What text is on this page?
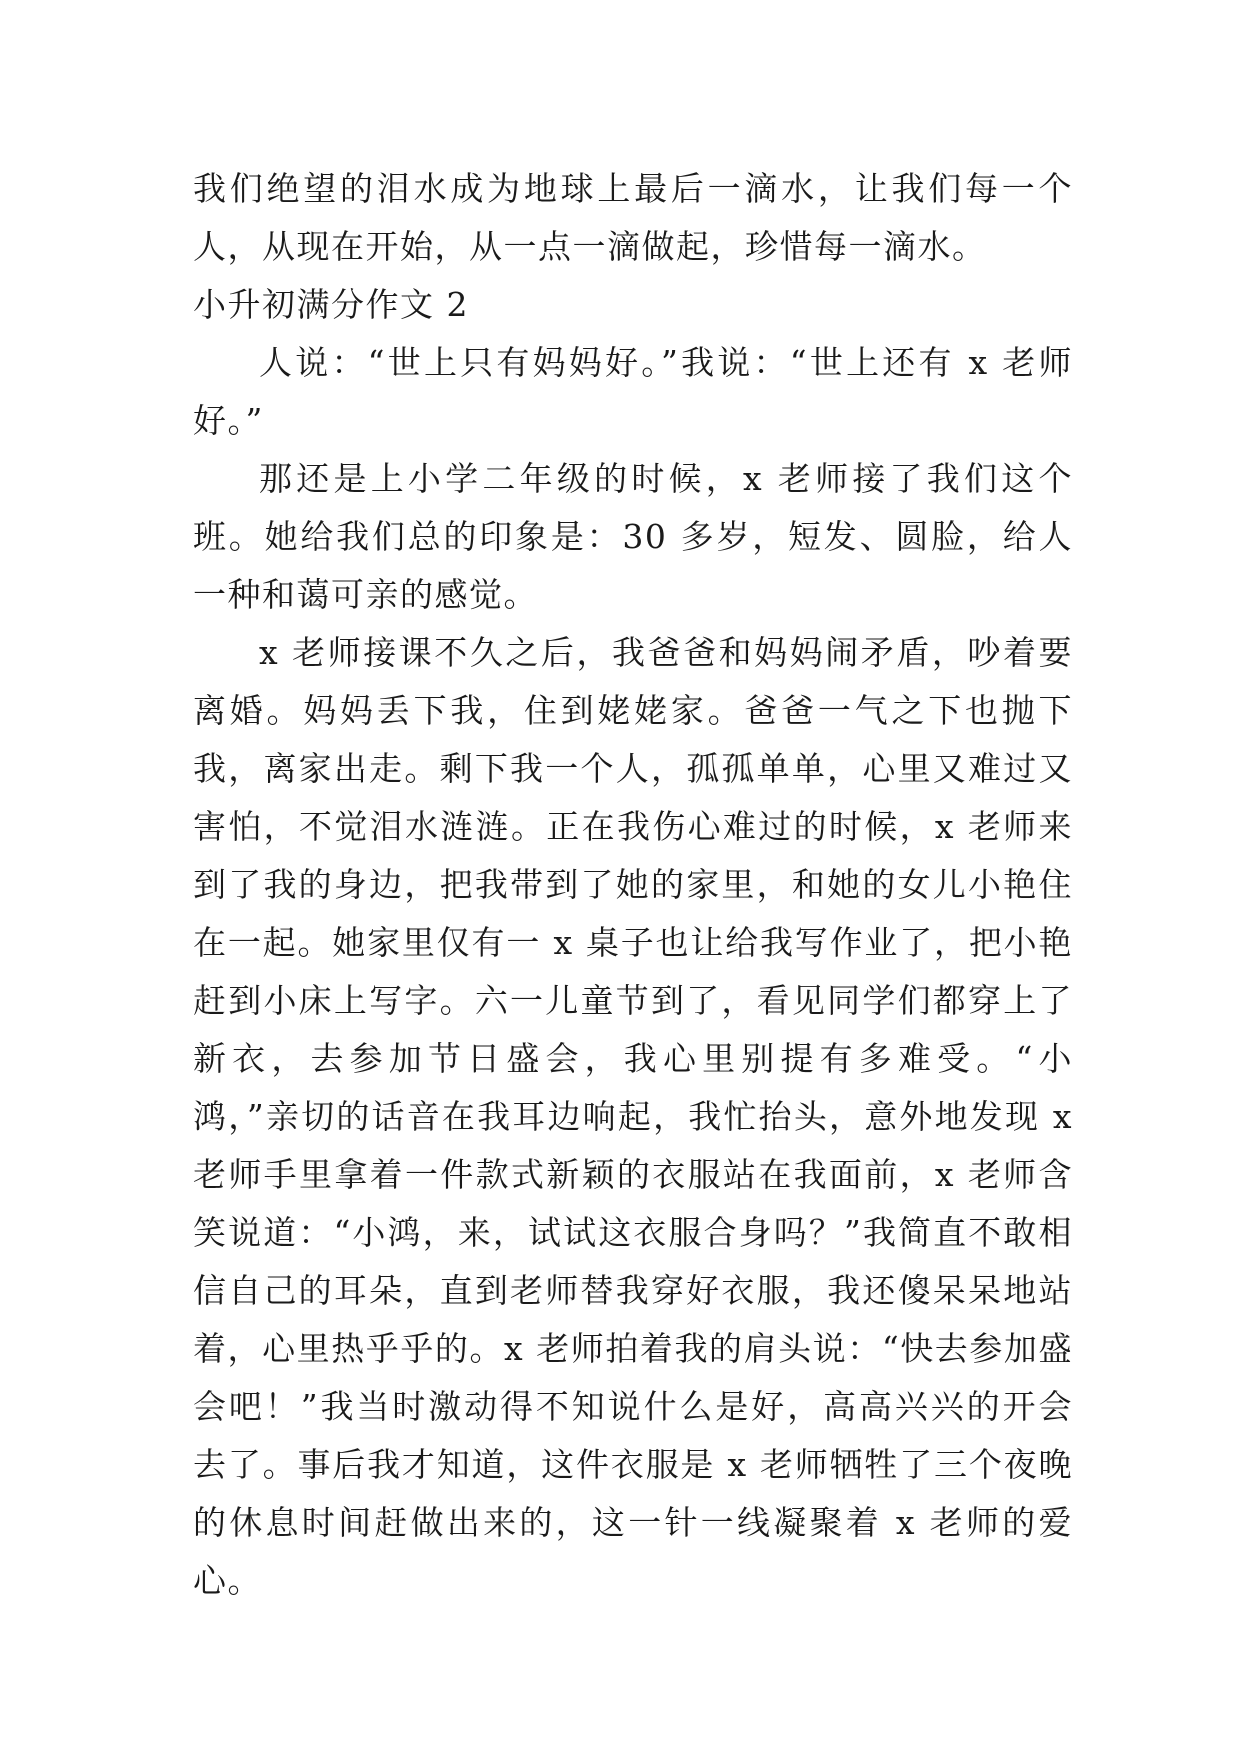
我们绝望的泪水成为地球上最后一滴水，让我们每一个人，从现在开始，从一点一滴做起，珍惜每一滴水。

小升初满分作文 2

人说：“世上只有妈妈好。”我说：“世上还有 x 老师好。”

那还是上小学二年级的时候，x 老师接了我们这个班。她给我们总的印象是：30 多岁，短发、圆脸，给人一种和蔼可亲的感觉。

x 老师接课不久之后，我爸爸和妈妈闹矛盾，吵着要离婚。妈妈丢下我，住到姥姥家。爸爸一气之下也抛下我，离家出走。剩下我一个人，孤孤单单，心里又难过又害怕，不觉泪水涟涟。正在我伤心难过的时候，x 老师来到了我的身边，把我带到了她的家里，和她的女儿小艳住在一起。她家里仅有一 x 桌子也让给我写作业了，把小艳赶到小床上写字。六一儿童节到了，看见同学们都穿上了新衣，去参加节日盛会，我心里别提有多难受。“小鸿，”亲切的话音在我耳边响起，我忙抬头，意外地发现 x 老师手里拿着一件款式新颖的衣服站在我面前，x 老师含笑说道：“小鸿，来，试试这衣服合身吗？”我简直不敢相信自己的耳朵，直到老师替我穿好衣服，我还傻呆呆地站着，心里热乎乎的。x 老师拍着我的肩头说：“快去参加盛会吧！”我当时激动得不知说什么是好，高高兴兴的开会去了。事后我才知道，这件衣服是 x 老师牺牲了三个夜晚的休息时间赶做出来的，这一针一线凝聚着 x 老师的爱心。
